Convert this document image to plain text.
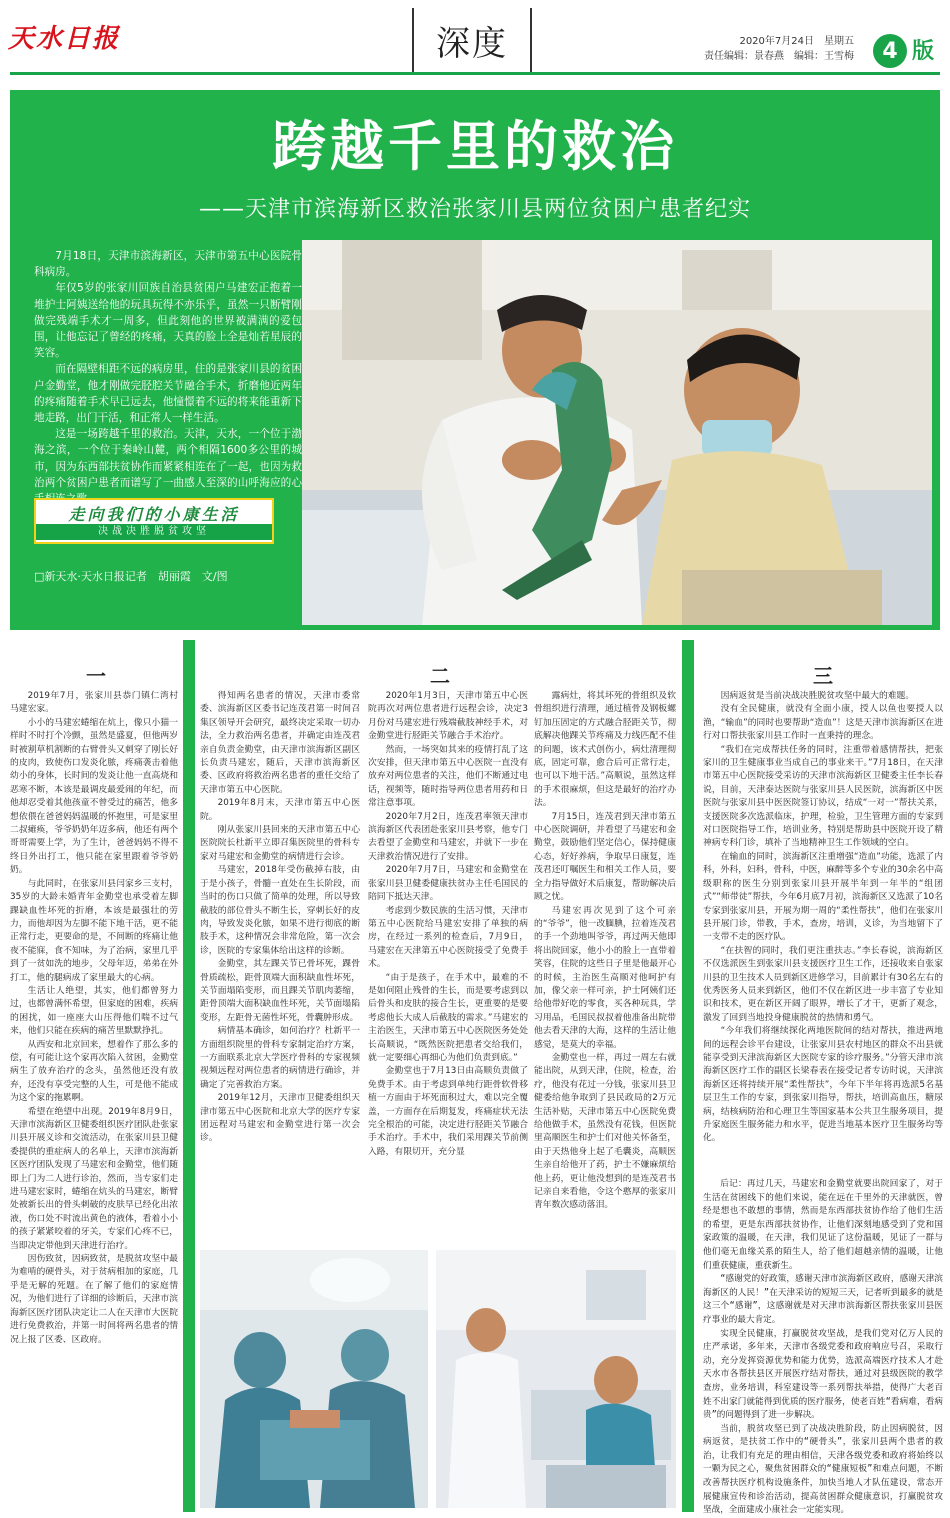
天水日报	深度	2020年7月24日　星期五
责任编辑：景春燕　编辑：王雪梅	4 版
跨越千里的救治
——天津市滨海新区救治张家川县两位贫困户患者纪实

7月18日，天津市滨海新区，天津市第五中心医院骨科病房。

年仅5岁的张家川回族自治县贫困户马建宏正抱着一堆护士阿姨送给他的玩具玩得不亦乐乎，虽然一只断臂刚做完残端手术才一周多，但此刻他的世界被满满的爱包围，让他忘记了曾经的疼痛，天真的脸上全是灿若星辰的笑容。

而在隔壁相距不远的病房里，住的是张家川县的贫困户金勤堂，他才刚做完胫腔关节融合手术，折磨他近两年的疼痛随着手术早已远去，他憧憬着不远的将来能重新下地走路，出门干活，和正常人一样生活。

这是一场跨越千里的救治。天津，天水，一个位于渤海之滨，一个位于秦岭山麓，两个相隔1600多公里的城市，因为东西部扶贫协作而紧紧相连在了一起，也因为救治两个贫困户患者而谱写了一曲感人至深的山呼海应的心

走向我们的小康生活
决战决胜脱贫攻坚
□新天水·天水日报记者　胡丽霞　文/图
一	二	三

2019年7月，张家川县恭门镇仁湾村马建宏家。

小小的马建宏蜷缩在炕上，像只小猫一样时不时打个冷颤，虽然是盛夏，但他两岁时被割草机割断的右臂骨头又刺穿了刚长好的皮肉，致使伤口发炎化脓，疼痛袭击着他幼小的身体，长时间的发炎让他一直高烧和恶寒不断，本该是最调皮最爱闹的年纪，而他却忍受着其他孩童不曾受过的痛苦，他多想依偎在爸爸妈妈温暖的怀抱里，可是家里二叔瘫痪，爷爷奶奶年迈多病，他还有两个哥哥需要上学，为了生计，爸爸妈妈不得不终日外出打工，他只能在家里跟着爷爷奶奶。

与此同时，在张家川县闫家乡三支村，35岁的大龄未婚青年金勤堂也承受着左脚踝缺血性坏死的折磨，本该是最强壮的劳力，而他却因为左脚不能下地干活，更不能正常行走，更要命的是，不间断的疼痛让他夜不能寐，食不知味，为了治病，家里几乎到了一贫如洗的地步，父母年迈，弟弟在外打工，他的腿病成了家里最大的心病。

生活让人绝望，其实，他们都曾努力过，也都曾满怀希望，但家庭的困难，疾病的困扰，如一座座大山压得他们喘不过气来，他们只能在疾病的痛苦里默默挣扎。

从西安和北京回来，想着作了那么多的偿，有可能让这个家再次陷入贫困，金勤堂病生了放弃治疗的念头，虽然他还没有放弃，还没有享受完整的人生，可是他不能成为这个家的拖累啊。

希望在绝望中出现。2019年8月9日，天津市滨海新区卫健委组织医疗团队赴张家川县开展义诊和交流活动，在张家川县卫健委提供的重症病人的名单上，天津市滨海新区医疗团队发现了马建宏和金勤堂，他们随即上门为二人进行诊治，然而，当专家们走进马建宏家时，蜷缩在炕头的马建宏，断臂处被新长出的骨头刺破的皮肤早已经化出浓液，伤口处不时流出黄色的液体，看着小小的孩子紧紧咬着的牙关，专家们心疼不已，当即决定带他到天津进行治疗。

因伤致贫，因病致贫，是脱贫攻坚中最为难啃的硬骨头，对于贫病相加的家庭，几乎是无解的死题。在了解了他们的家庭情况，为他们进行了详细的诊断后，天津市滨海新区医疗团队决定让二人在天津市大医院进行免费救治，并第一时间将两名患者的情况上报了区委、区政府。

得知两名患者的情况，天津市委常委、滨海新区区委书记连茂君第一时间召集区领导开会研究，最终决定采取一切办法，全力救治两名患者，并确定由连茂君亲自负责金勤堂，由天津市滨海新区副区长负责马建宏，随后，天津市滨海新区委、区政府将救治两名患者的重任交给了天津市第五中心医院。

2019年8月末，天津市第五中心医院。

刚从张家川县回来的天津市第五中心医院院长杜新平立即召集医院里的骨科专家对马建宏和金勤堂的病情进行会诊。

马建宏，2018年受伤截掉右肢，由于是小孩子，骨髓一直处在生长阶段，而当时的伤口只做了简单的处理，所以导致截肢的部位骨头不断生长，穿刺长好的皮肉，导致发炎化脓，如果不进行彻底的断肢手术，这种情况会非常危险，第一次会诊，医院的专家集体给出这样的诊断。

金勤堂，其左踝关节已骨坏死，踝骨骨质疏松，距骨顶端大面积缺血性坏死，关节面塌陷变形，而且踝关节肌肉萎缩，距骨顶端大面积缺血性坏死，关节面塌陷变形，左距骨无菌性坏死，骨囊肿形成。

病情基本确诊，如何治疗？杜新平一方面组织院里的骨科专家制定治疗方案，一方面联系北京大学医疗骨科的专家视频视频远程对两位患者的病情进行确诊，并确定了完善救治方案。

2019年12月，天津市卫健委组织天津市第五中心医院和北京大学的医疗专家团远程对马建宏和金勤堂进行第一次会诊。

2020年1月3日，天津市第五中心医院再次对两位患者进行远程会诊，决定3月份对马建宏进行残端截肢神经手术，对金勤堂进行胫距关节融合手术治疗。

然而，一场突如其来的疫情打乱了这次安排，但天津市第五中心医院一直没有放弃对两位患者的关注，他们不断通过电话，视频等，随时指导两位患者用药和日常注意事项。

2020年7月2日，连茂君率领天津市滨海新区代表团赴张家川县考察，他专门去看望了金勤堂和马建宏，并就下一步在天津救治情况进行了安排。

2020年7月7日，马建宏和金勤堂在张家川县卫健委健康扶贫办主任毛国民的陪同下抵达天津。

考虑到少数民族的生活习惯，天津市第五中心医院给马建宏安排了单独的病房，在经过一系列的检查后，7月9日，马建宏在天津第五中心医院接受了免费手术。

“由于是孩子，在手术中，最难的不是如何阻止残骨的生长，而是要考虑到以后骨头和皮肤的接合生长，更重要的是要考虑他长大成人后截肢的需求。”马建宏的主治医生，天津市第五中心医院医务处处长高顺说，“既然医院把患者交给我们，就一定要细心再细心为他们负责到底。”

金勤堂也于7月13日由高顺负责做了免费手术。由于考虑到单纯行距骨软骨移植一方面由于坏死面积过大，难以完全覆盖，一方面存在后期复发，疼痛症状无法完全根治的可能，决定进行胫距关节融合手术治疗。手术中，我们采用踝关节前侧入路，有限切开，充分显

露病灶，将其坏死的骨组织及软骨组织进行清理，通过植骨及钢板螺钉加压固定的方式融合胫距关节，彻底解决他踝关节疼痛及力线匹配不佳的问题，该术式创伤小，病灶清理彻底，固定可靠，愈合后可正常行走，也可以下地干活。”高顺说，虽然这样的手术很麻烦，但这是最好的治疗办法。

7月15日，连茂君到天津市第五中心医院调研，并看望了马建宏和金勤堂，鼓励他们坚定信心，保持健康心态，好好养病，争取早日康复，连茂君还叮嘱医生和相关工作人员，要全力指导做好术后康复，帮助解决后顾之忧。

马建宏再次见到了这个可亲的“爷爷”，他一改腼腆，拉着连茂君的手一个劲地叫爷爷，再过两天他即将出院回家，他小小的脸上一直带着笑容，住院的这些日子里是他最开心的时候，主治医生高顺对他呵护有加，像父亲一样可亲，护士阿姨们还给他带好吃的零食，买各种玩具，学习用品，毛国民叔叔着他准备出院带他去看天津的大海，这样的生活让他感觉，是莫大的幸福。

金勤堂也一样，再过一周左右就能出院，从到天津，住院，检查，治疗，他没有花过一分钱，张家川县卫健委给他争取到了县民政局的2万元生活补贴，天津市第五中心医院免费给他做手术，虽然没有花钱，但医院里高顺医生和护士们对他关怀备至，由于天热他身上起了毛囊炎，高顺医生亲自给他开了药，护士不嫌麻烦给他上药，更让他没想到的是连茂君书记亲自来看他，令这个憨厚的张家川青年数次感动落泪。

因病返贫是当前决战决胜脱贫攻坚中最大的难题。

没有全民健康，就没有全面小康，授人以鱼也要授人以渔，“输血”的同时也要帮助“造血”！这是天津市滨海新区在进行对口帮扶张家川县工作时一直秉持的理念。

“我们在完成帮扶任务的同时，注重带着感情帮扶，把张家川的卫生健康事业当成自己的事业来干。”7月18日，在天津市第五中心医院接受采访的天津市滨海新区卫健委主任李长春说，目前，天津泰达医院与张家川县人民医院，滨海新区中医医院与张家川县中医医院签订协议，结成“一对一”帮扶关系，支援医院多次选派临床，护理，检验，卫生管理方面的专家到对口医院指导工作，培训业务，特别是帮助县中医院开设了精神病专科门诊，填补了当地精神卫生工作领域的空白。

在输血的同时，滨海新区注重增强“造血”功能，选派了内科，外科，妇科，骨科，中医，麻醉等多个专业的30余名中高级职称的医生分别到张家川县开展半年到一年半的“组团式”“师带徒”帮扶，今年6月底7月初，滨海新区又选派了10名专家到张家川县，开展为期一周的“柔性帮扶”，他们在张家川县开展门诊，带教，手术，查房，培训，义诊，为当地留下了一支带不走的医疗队。

“在扶智的同时，我们更注重扶志。”李长春说，滨海新区不仅选派医生到张家川县支援医疗卫生工作，还接收来自张家川县的卫生技术人员到新区进修学习，目前累计有30名左右的优秀医务人员来到新区，他们不仅在新区进一步丰富了专业知识和技术，更在新区开阔了眼界，增长了才干，更新了观念，激发了回到当地投身健康脱贫的热情和勇气。

“今年我们将继续探化两地医院间的结对帮扶，推进两地间的远程会诊平台建设，让张家川县农村地区的群众不出县就能享受到天津滨海新区大医院专家的诊疗服务。”分管天津市滨海新区医疗工作的副区长梁春表在接受记者专访时说，天津滨海新区还将持续开展“柔性帮扶”，今年下半年将再选派5名基层卫生工作的专家，到张家川指导，帮扶，培训高血压，糖尿病，结核病防治和心理卫生等国家基本公共卫生服务项目，提升家庭医生服务能力和水平，促进当地基本医疗卫生服务均等化。

后记：再过几天，马建宏和金勤堂就要出院回家了，对于生活在贫困线下的他们来说，能在远在千里外的天津就医，曾经是想也不敢想的事情，然而是东西部扶贫协作给了他们生活的希望，更是东西部扶贫协作，让他们深刻地感受到了党和国家政策的温暖，在天津，我们见证了这份温暖，见证了一群与他们毫无血缘关系的陌生人，给了他们超越亲情的温暖，让他们重获健康，重获新生。

“感谢党的好政策，感谢天津市滨海新区政府，感谢天津滨海新区的人民！”在天津采访的短短三天，记者听到最多的就是这三个“感谢”，这感谢就是对天津市滨海新区帮扶张家川县医疗事业的最大肯定。

实现全民健康，打赢脱贫攻坚战，是我们党对亿万人民的庄严承诺，多年来，天津市各级党委和政府响应号召，采取行动，充分发挥资源优势和能力优势，选派高端医疗技术人才赴天水市各帮扶县区开展医疗结对帮扶，通过对县级医院的教学查房，业务培训，科室建设等一系列帮扶举措，使得广大老百姓不出家门就能得到优质的医疗服务，使老百姓“看病难，看病贵”的问题得到了进一步解决。

当前，脱贫攻坚已到了决战决胜阶段，防止因病脱贫，因病返贫，是扶贫工作中的“硬骨头”，张家川县两个患者的救治，让我们有充足的理由相信，天津各级党委和政府将始终以一颗为民之心，聚焦贫困群众的“健康短板”和难点问题，不断改善帮扶医疗机构设施条件，加快当地人才队伍建设，常态开展健康宣传和诊治活动，提高贫困群众健康意识，打赢脱贫攻坚战，全面建成小康社会一定能实现。
